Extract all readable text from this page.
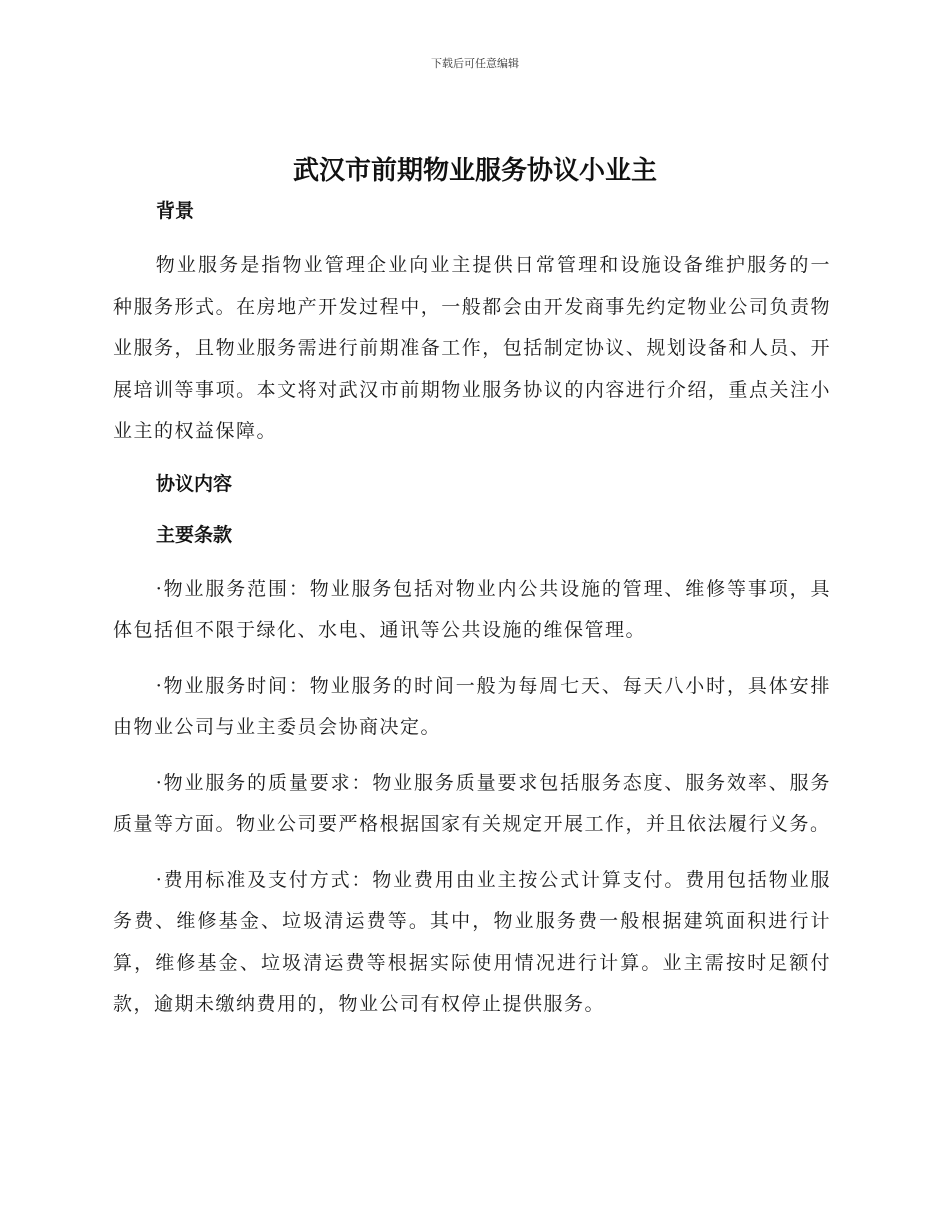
下载后可任意编辑
武汉市前期物业服务协议小业主

背景

物业服务是指物业管理企业向业主提供日常管理和设施设备维护服务的一种服务形式。在房地产开发过程中，一般都会由开发商事先约定物业公司负责物业服务，且物业服务需进行前期准备工作，包括制定协议、规划设备和人员、开展培训等事项。本文将对武汉市前期物业服务协议的内容进行介绍，重点关注小业主的权益保障。

协议内容

主要条款

·物业服务范围：物业服务包括对物业内公共设施的管理、维修等事项，具体包括但不限于绿化、水电、通讯等公共设施的维保管理。

·物业服务时间：物业服务的时间一般为每周七天、每天八小时，具体安排由物业公司与业主委员会协商决定。

·物业服务的质量要求：物业服务质量要求包括服务态度、服务效率、服务质量等方面。物业公司要严格根据国家有关规定开展工作，并且依法履行义务。

·费用标准及支付方式：物业费用由业主按公式计算支付。费用包括物业服务费、维修基金、垃圾清运费等。其中，物业服务费一般根据建筑面积进行计算，维修基金、垃圾清运费等根据实际使用情况进行计算。业主需按时足额付款，逾期未缴纳费用的，物业公司有权停止提供服务。
